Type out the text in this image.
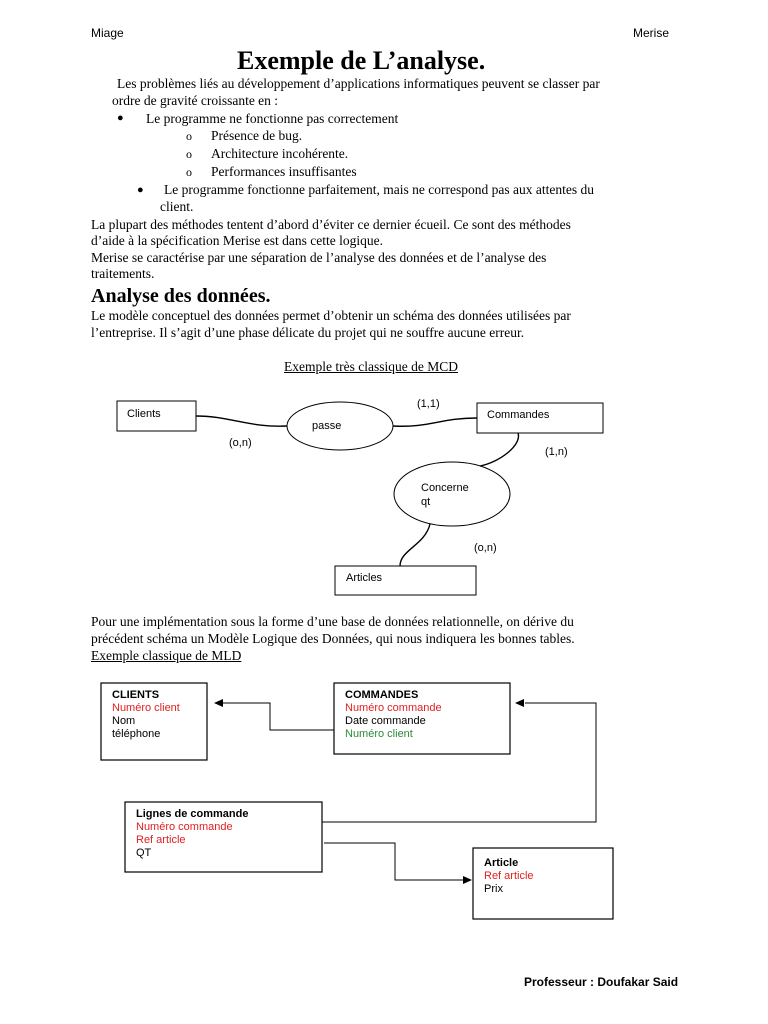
Miage	Merise
Exemple de L’analyse.
Les problèmes liés au développement d’applications informatiques peuvent se classer par
ordre de gravité croissante en :
● Le programme ne fonctionne pas correctement
o Présence de bug.
o Architecture incohérente.
o Performances insuffisantes
● Le programme fonctionne parfaitement, mais ne correspond pas aux attentes du
client.
La plupart des méthodes tentent d’abord d’éviter ce dernier écueil. Ce sont des méthodes
d’aide à la spécification Merise est dans cette logique.
Merise se caractérise par une séparation de l’analyse des données et de l’analyse des
traitements.
Analyse des données.
Le modèle conceptuel des données permet d’obtenir un schéma des données utilisées par
l’entreprise. Il s’agit d’une phase délicate du projet qui ne souffre aucune erreur.
Exemple très classique de MCD
Clients
passe
Commandes
Concerne
qt
Articles
(o,n)
(1,1)
(1,n)
(o,n)
Pour une implémentation sous la forme d’une base de données relationnelle, on dérive du
précédent schéma un Modèle Logique des Données, qui nous indiquera les bonnes tables.
Exemple classique de MLD
CLIENTS
Numéro client
Nom
téléphone
COMMANDES
Numéro commande
Date commande
Numéro client
Lignes de commande
Numéro commande
Ref article
QT
Article
Ref article
Prix
Professeur : Doufakar Said
